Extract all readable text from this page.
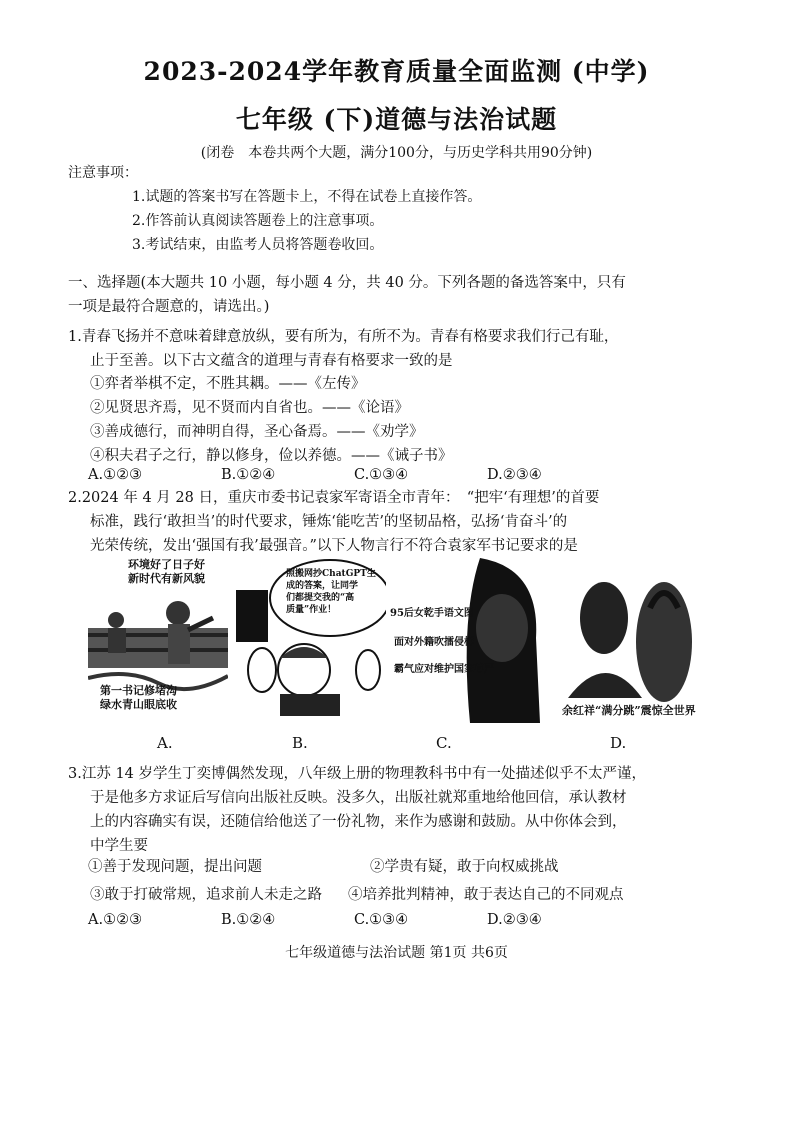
2023-2024学年教育质量全面监测 (中学)
七年级 (下)道德与法治试题
(闭卷　本卷共两个大题，满分100分，与历史学科共用90分钟)
注意事项：
1.试题的答案书写在答题卡上，不得在试卷上直接作答。
2.作答前认真阅读答题卷上的注意事项。
3.考试结束，由监考人员将答题卷收回。
一、选择题(本大题共 10 小题，每小题 4 分，共 40 分。下列各题的备选答案中，只有
一项是最符合题意的，请选出。)
1.青春飞扬并不意味着肆意放纵，要有所为，有所不为。青春有格要求我们行己有耻，
止于至善。以下古文蕴含的道理与青春有格要求一致的是
①弈者举棋不定，不胜其耦。——《左传》
②见贤思齐焉，见不贤而内自省也。——《论语》
③善成德行，而神明自得，圣心备焉。——《劝学》
④积夫君子之行，静以修身，俭以养德。——《诫子书》
A.①②③	B.①②④	C.①③④	D.②③④
2.2024 年 4 月 28 日，重庆市委书记袁家军寄语全市青年：　“把牢‘有理想’的首要
标准，践行‘敢担当’的时代要求，锤炼‘能吃苦’的坚韧品格，弘扬‘肯奋斗’的
光荣传统，发出‘强国有我’最强音。”以下人物言行不符合袁家军书记要求的是
环境好了日子好
新时代有新风貌
第一书记修堵沟
绿水青山眼底收
照搬网抄ChatGPT生
成的答案，让同学
们都提交我的“高
质量”作业！	95后女乾手语文图
面对外籍吹擂侵样
霸气应对维护国家尊严
余红祥“满分跳”震惊全世界
A.	B.	C.	D.
3.江苏 14 岁学生丁奕博偶然发现，八年级上册的物理教科书中有一处描述似乎不太严谨，
于是他多方求证后写信向出版社反映。没多久，出版社就郑重地给他回信，承认教材
上的内容确实有误，还随信给他送了一份礼物，来作为感谢和鼓励。从中你体会到，
中学生要
①善于发现问题，提出问题	②学贵有疑，敢于向权威挑战
③敢于打破常规，追求前人未走之路 ④培养批判精神，敢于表达自己的不同观点
A.①②③	B.①②④	C.①③④	D.②③④
七年级道德与法治试题 第1页 共6页
